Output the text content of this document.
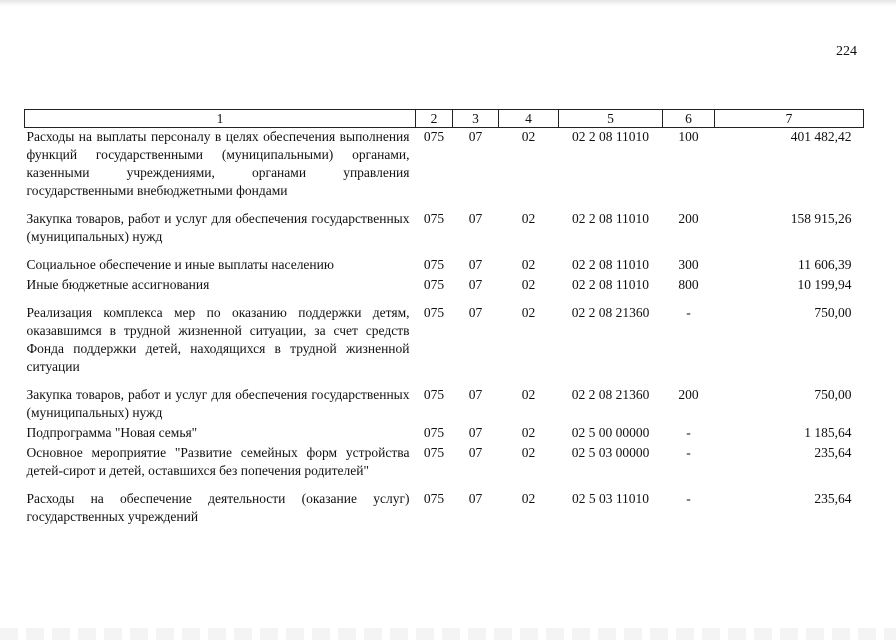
224
1	2	3	4	5	6	7
Расходы на выплаты персоналу в целях обеспечения выполнения функций государственными (муниципальными) органами, казенными учреждениями, органами управления государственными внебюджетными фондами	075	07	02	02 2 08 11010	100	401 482,42
Закупка товаров, работ и услуг для обеспечения государственных (муниципальных) нужд	075	07	02	02 2 08 11010	200	158 915,26
Социальное обеспечение и иные выплаты населению	075	07	02	02 2 08 11010	300	11 606,39
Иные бюджетные ассигнования	075	07	02	02 2 08 11010	800	10 199,94
Реализация комплекса мер по оказанию поддержки детям, оказавшимся в трудной жизненной ситуации, за счет средств Фонда поддержки детей, находящихся в трудной жизненной ситуации	075	07	02	02 2 08 21360	-	750,00
Закупка товаров, работ и услуг для обеспечения государственных (муниципальных) нужд	075	07	02	02 2 08 21360	200	750,00
Подпрограмма "Новая семья"	075	07	02	02 5 00 00000	-	1 185,64
Основное мероприятие "Развитие семейных форм устройства детей-сирот и детей, оставшихся без попечения родителей"	075	07	02	02 5 03 00000	-	235,64
Расходы на обеспечение деятельности (оказание услуг) государственных учреждений	075	07	02	02 5 03 11010	-	235,64
